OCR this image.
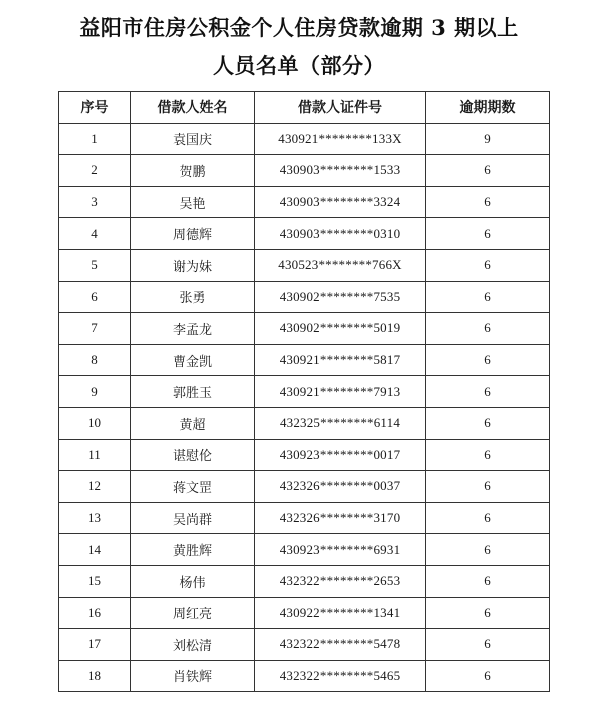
益阳市住房公积金个人住房贷款逾期 3 期以上
人员名单（部分）
序号	借款人姓名	借款人证件号	逾期期数
1	袁国庆	430921********133X	9
2	贺鹏	430903********1533	6
3	吴艳	430903********3324	6
4	周德辉	430903********0310	6
5	谢为妹	430523********766X	6
6	张勇	430902********7535	6
7	李孟龙	430902********5019	6
8	曹金凯	430921********5817	6
9	郭胜玉	430921********7913	6
10	黄超	432325********6114	6
11	谌慰伦	430923********0017	6
12	蒋文罡	432326********0037	6
13	吴尚群	432326********3170	6
14	黄胜辉	430923********6931	6
15	杨伟	432322********2653	6
16	周红亮	430922********1341	6
17	刘松清	432322********5478	6
18	肖铁辉	432322********5465	6
